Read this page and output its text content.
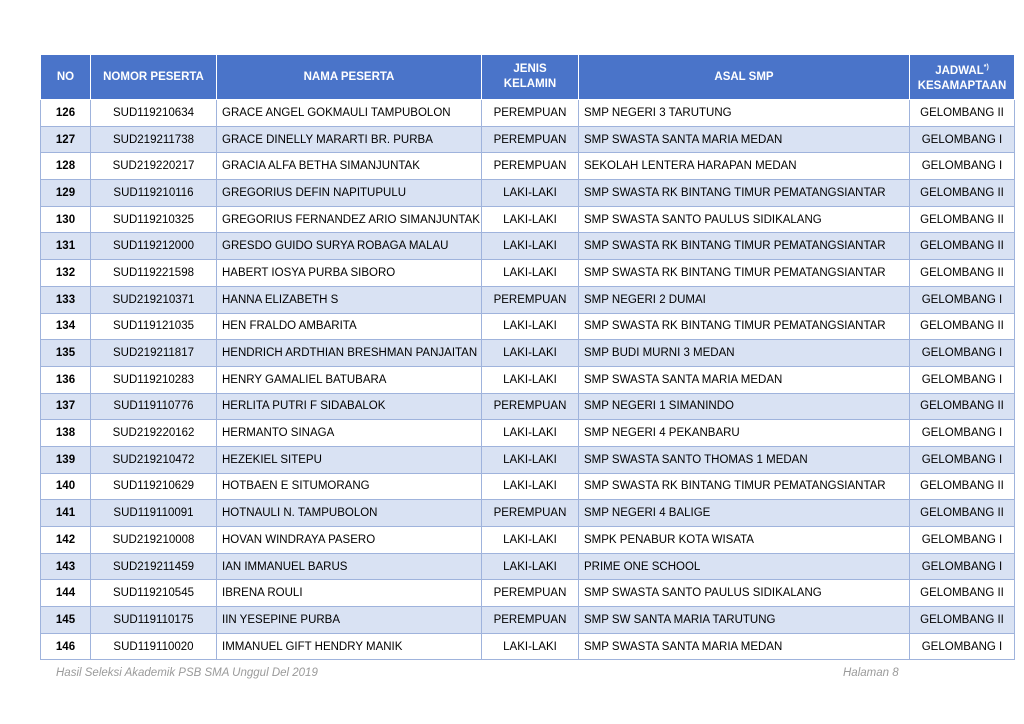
NO	NOMOR PESERTA	NAMA PESERTA	JENIS KELAMIN	ASAL SMP	JADWAL*)
KESAMAPTAAN
126	SUD119210634	GRACE ANGEL GOKMAULI TAMPUBOLON	PEREMPUAN	SMP NEGERI 3 TARUTUNG	GELOMBANG II
127	SUD219211738	GRACE DINELLY MARARTI BR. PURBA	PEREMPUAN	SMP SWASTA SANTA MARIA MEDAN	GELOMBANG I
128	SUD219220217	GRACIA ALFA BETHA SIMANJUNTAK	PEREMPUAN	SEKOLAH LENTERA HARAPAN MEDAN	GELOMBANG I
129	SUD119210116	GREGORIUS DEFIN NAPITUPULU	LAKI-LAKI	SMP SWASTA RK BINTANG TIMUR PEMATANGSIANTAR	GELOMBANG II
130	SUD119210325	GREGORIUS FERNANDEZ ARIO SIMANJUNTAK	LAKI-LAKI	SMP SWASTA SANTO PAULUS SIDIKALANG	GELOMBANG II
131	SUD119212000	GRESDO GUIDO SURYA ROBAGA MALAU	LAKI-LAKI	SMP SWASTA RK BINTANG TIMUR PEMATANGSIANTAR	GELOMBANG II
132	SUD119221598	HABERT IOSYA PURBA SIBORO	LAKI-LAKI	SMP SWASTA RK BINTANG TIMUR PEMATANGSIANTAR	GELOMBANG II
133	SUD219210371	HANNA ELIZABETH S	PEREMPUAN	SMP NEGERI 2 DUMAI	GELOMBANG I
134	SUD119121035	HEN FRALDO AMBARITA	LAKI-LAKI	SMP SWASTA RK BINTANG TIMUR PEMATANGSIANTAR	GELOMBANG II
135	SUD219211817	HENDRICH ARDTHIAN BRESHMAN PANJAITAN	LAKI-LAKI	SMP BUDI MURNI 3 MEDAN	GELOMBANG I
136	SUD119210283	HENRY GAMALIEL BATUBARA	LAKI-LAKI	SMP SWASTA SANTA MARIA MEDAN	GELOMBANG I
137	SUD119110776	HERLITA PUTRI F SIDABALOK	PEREMPUAN	SMP NEGERI 1 SIMANINDO	GELOMBANG II
138	SUD219220162	HERMANTO SINAGA	LAKI-LAKI	SMP NEGERI 4 PEKANBARU	GELOMBANG I
139	SUD219210472	HEZEKIEL SITEPU	LAKI-LAKI	SMP SWASTA SANTO THOMAS 1 MEDAN	GELOMBANG I
140	SUD119210629	HOTBAEN E SITUMORANG	LAKI-LAKI	SMP SWASTA RK BINTANG TIMUR PEMATANGSIANTAR	GELOMBANG II
141	SUD119110091	HOTNAULI N. TAMPUBOLON	PEREMPUAN	SMP NEGERI 4 BALIGE	GELOMBANG II
142	SUD219210008	HOVAN WINDRAYA PASERO	LAKI-LAKI	SMPK PENABUR KOTA WISATA	GELOMBANG I
143	SUD219211459	IAN IMMANUEL BARUS	LAKI-LAKI	PRIME ONE SCHOOL	GELOMBANG I
144	SUD119210545	IBRENA ROULI	PEREMPUAN	SMP SWASTA SANTO PAULUS SIDIKALANG	GELOMBANG II
145	SUD119110175	IIN YESEPINE PURBA	PEREMPUAN	SMP SW SANTA MARIA TARUTUNG	GELOMBANG II
146	SUD119110020	IMMANUEL GIFT HENDRY MANIK	LAKI-LAKI	SMP SWASTA SANTA MARIA MEDAN	GELOMBANG I
Hasil Seleksi Akademik PSB SMA Unggul Del 2019	Halaman 8
